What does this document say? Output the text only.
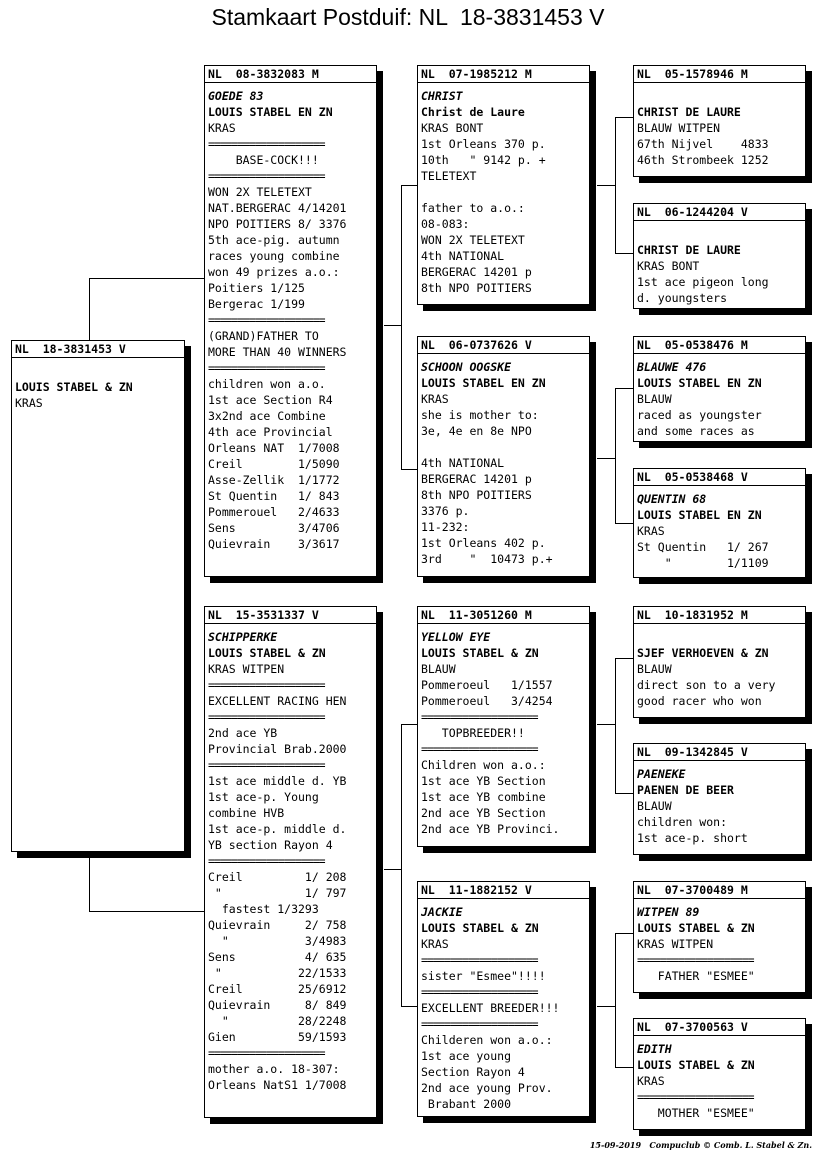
Stamkaart Postduif: NL  18-3831453 V
NL  18-3831453 V
LOUIS STABEL & ZN
KRAS
NL  08-3832083 M
GOEDE 83
LOUIS STABEL EN ZN
KRAS
====================
BASE-COCK!!!
====================
WON 2X TELETEXT
NAT.BERGERAC 4/14201
NPO POITIERS 8/ 3376
5th ace-pig. autumn
races young combine
won 49 prizes a.o.:
Poitiers 1/125
Bergerac 1/199
====================
(GRAND)FATHER TO
MORE THAN 40 WINNERS
====================
children won a.o.
1st ace Section R4
3x2nd ace Combine
4th ace Provincial
Orleans NAT  1/7008
Creil        1/5090
Asse-Zellik  1/1772
St Quentin   1/ 843
Pommerouel   2/4633
Sens         3/4706
Quievrain    3/3617
NL  15-3531337 V
SCHIPPERKE
LOUIS STABEL & ZN
KRAS WITPEN
====================
EXCELLENT RACING HEN
====================
2nd ace YB
Provincial Brab.2000
====================
1st ace middle d. YB
1st ace-p. Young
combine HVB
1st ace-p. middle d.
YB section Rayon 4
====================
Creil         1/ 208
"            1/ 797
fastest 1/3293
Quievrain     2/ 758
"           3/4983
Sens          4/ 635
"           22/1533
Creil        25/6912
Quievrain     8/ 849
"          28/2248
Gien         59/1593
====================
mother a.o. 18-307:
Orleans NatS1 1/7008
NL  07-1985212 M
CHRIST
Christ de Laure
KRAS BONT
1st Orleans 370 p.
10th   " 9142 p. +
TELETEXT
father to a.o.:
08-083:
WON 2X TELETEXT
4th NATIONAL
BERGERAC 14201 p
8th NPO POITIERS
NL  06-0737626 V
SCHOON OOGSKE
LOUIS STABEL EN ZN
KRAS
she is mother to:
3e, 4e en 8e NPO
4th NATIONAL
BERGERAC 14201 p
8th NPO POITIERS
3376 p.
11-232:
1st Orleans 402 p.
3rd    "  10473 p.+
NL  11-3051260 M
YELLOW EYE
LOUIS STABEL & ZN
BLAUW
Pommeroeul   1/1557
Pommeroeul   3/4254
====================
TOPBREEDER!!
====================
Children won a.o.:
1st ace YB Section
1st ace YB combine
2nd ace YB Section
2nd ace YB Provinci.
NL  11-1882152 V
JACKIE
LOUIS STABEL & ZN
KRAS
====================
sister "Esmee"!!!!
====================
EXCELLENT BREEDER!!!
====================
Childeren won a.o.:
1st ace young
Section Rayon 4
2nd ace young Prov.
Brabant 2000
NL  05-1578946 M
CHRIST DE LAURE
BLAUW WITPEN
67th Nijvel    4833
46th Strombeek 1252
NL  06-1244204 V
CHRIST DE LAURE
KRAS BONT
1st ace pigeon long
d. youngsters
NL  05-0538476 M
BLAUWE 476
LOUIS STABEL EN ZN
BLAUW
raced as youngster
and some races as
NL  05-0538468 V
QUENTIN 68
LOUIS STABEL EN ZN
KRAS
St Quentin   1/ 267
"        1/1109
NL  10-1831952 M
SJEF VERHOEVEN & ZN
BLAUW
direct son to a very
good racer who won
NL  09-1342845 V
PAENEKE
PAENEN DE BEER
BLAUW
children won:
1st ace-p. short
NL  07-3700489 M
WITPEN 89
LOUIS STABEL & ZN
KRAS WITPEN
====================
FATHER "ESMEE"
NL  07-3700563 V
EDITH
LOUIS STABEL & ZN
KRAS
====================
MOTHER "ESMEE"
15-09-2019   Compuclub © Comb. L. Stabel & Zn.
